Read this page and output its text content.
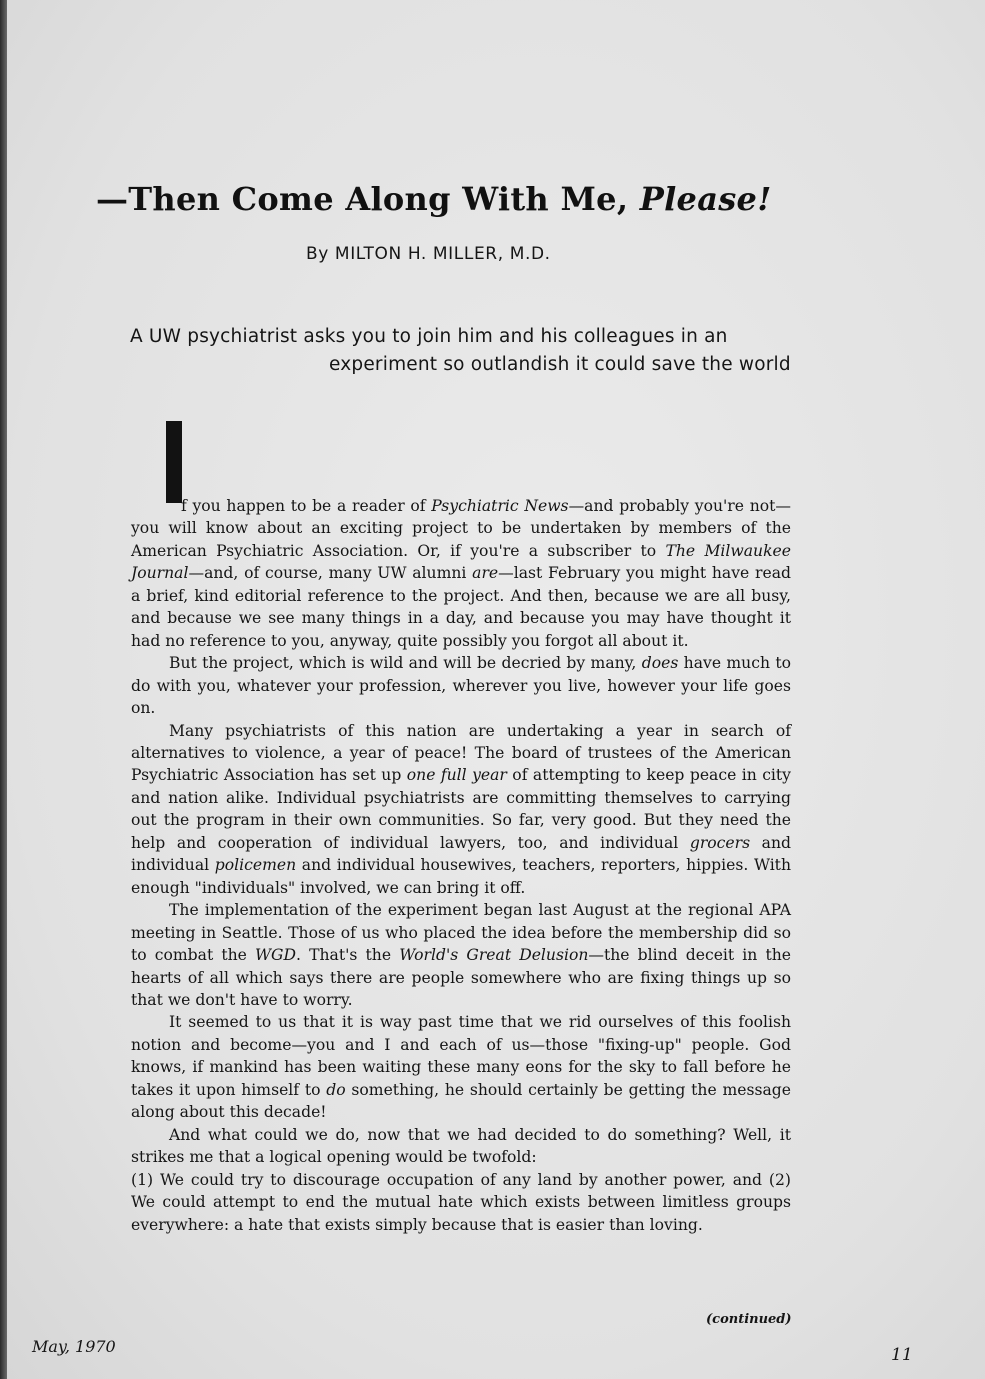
—Then Come Along With Me, Please!
By MILTON H. MILLER, M.D.
A UW psychiatrist asks you to join him and his colleagues in an
experiment so outlandish it could save the world

f you happen to be a reader of Psychiatric News—and probably you're not—you will know about an exciting project to be undertaken by members of the American Psychiatric Association. Or, if you're a subscriber to The Milwaukee Journal—and, of course, many UW alumni are—last February you might have read a brief, kind editorial reference to the project. And then, because we are all busy, and because we see many things in a day, and because you may have thought it had no reference to you, anyway, quite possibly you forgot all about it.

But the project, which is wild and will be decried by many, does have much to do with you, whatever your profession, wherever you live, however your life goes on.

Many psychiatrists of this nation are undertaking a year in search of alternatives to violence, a year of peace! The board of trustees of the American Psychiatric Association has set up one full year of attempting to keep peace in city and nation alike. Individual psychiatrists are committing themselves to carrying out the program in their own communities. So far, very good. But they need the help and cooperation of individual lawyers, too, and individual grocers and individual policemen and individual housewives, teachers, reporters, hippies. With enough "individuals" involved, we can bring it off.

The implementation of the experiment began last August at the regional APA meeting in Seattle. Those of us who placed the idea before the membership did so to combat the WGD. That's the World's Great Delusion—the blind deceit in the hearts of all which says there are people somewhere who are fixing things up so that we don't have to worry.

It seemed to us that it is way past time that we rid ourselves of this foolish notion and become—you and I and each of us—those "fixing-up" people. God knows, if mankind has been waiting these many eons for the sky to fall before he takes it upon himself to do something, he should certainly be getting the message along about this decade!

And what could we do, now that we had decided to do something? Well, it strikes me that a logical opening would be twofold:

(1) We could try to discourage occupation of any land by another power, and (2) We could attempt to end the mutual hate which exists between limitless groups everywhere: a hate that exists simply because that is easier than loving.

(continued)
May, 1970	11
